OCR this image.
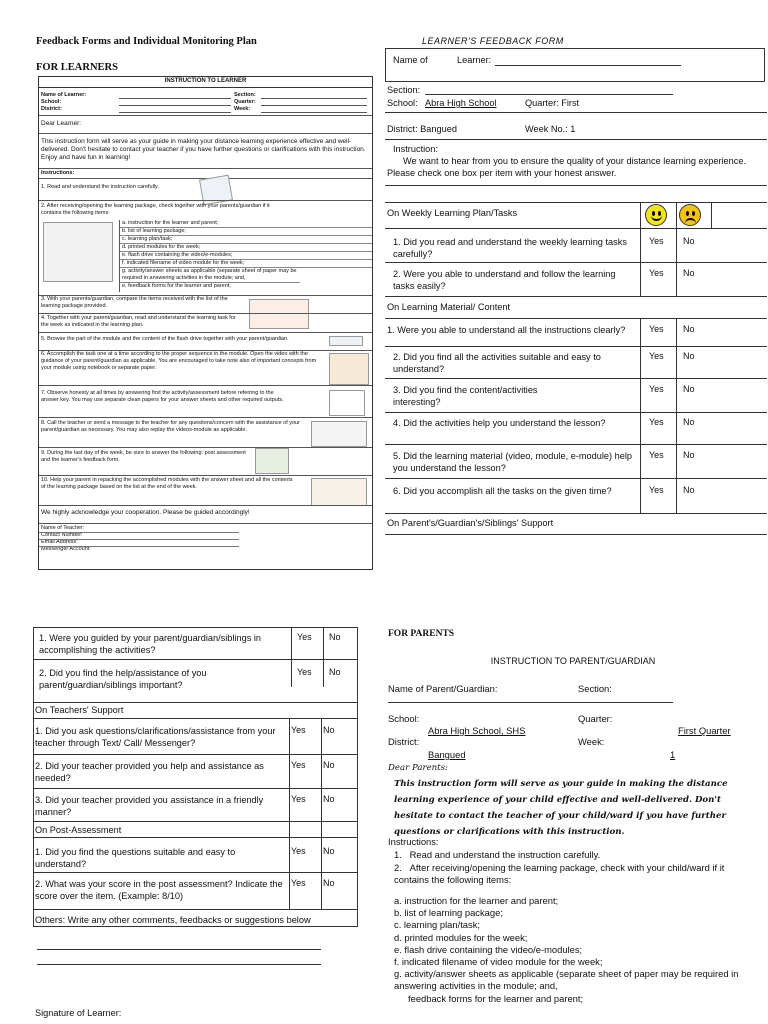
Feedback Forms and Individual Monitoring Plan
FOR LEARNERS
INSTRUCTION TO LEARNER
Name of Learner:
School:
District:
Section:
Quarter:
Week:
Dear Learner:
This instruction form will serve as your guide in making your distance learning experience effective and well-delivered. Don't hesitate to contact your teacher if you have further questions or clarifications with this instruction. Enjoy and have fun in learning!
Instructions:
1. Read and understand the instruction carefully.
2. After receiving/opening the learning package, check together with your parents/guardian if it contains the following items:
a. instruction for the learner and parent;
b. list of learning package;
c. learning plan/task;
d. printed modules for the week;
e. flash drive containing the video/e-modules;
f. indicated filename of video module for the week;
g. activity/answer sheets as applicable (separate sheet of paper may be required in answering activities in the module; and,
e. feedback forms for the learner and parent;
3. With your parents/guardian, compare the items received with the list of the learning package provided.
4. Together with your parent/guardian, read and understand the learning task for the week as indicated in the learning plan.
5. Browse the part of the module and the content of the flash drive together with your parent/guardian.
6. Accomplish the task one at a time according to the proper sequence in the module. Open the video with the guidance of your parent/guardian as applicable. You are encouraged to take note also of important concepts from your module using notebook or separate paper.
7. Observe honesty at all times by answering first the activity/assessment before referring to the answer key. You may use separate clean papers for your answer sheets and other required outputs.
8. Call the teacher or send a message to the teacher for any questions/concern with the assistance of your parent/guardian as necessary. You may also replay the videos-module as applicable.
9. During the last day of the week, be sure to answer the following: post assessment and the learner's feedback form.
10. Help your parent in repacking the accomplished modules with the answer sheet and all the contents of the learning package based on the list at the end of the week.
We highly acknowledge your cooperation. Please be guided accordingly!
Name of Teacher:
Contact Number:
Email Address:
Messenger Account:
LEARNER'S FEEDBACK FORM
Name of	Learner:
Section:
School: Abra High School	Quarter: First
District: Bangued	Week No.: 1
Instruction:
We want to hear from you to ensure the quality of your distance learning experience. Please check one box per item with your honest answer.
On Weekly Learning Plan/Tasks
1. Did you read and understand the weekly learning tasks carefully?
Yes No
2. Were you able to understand and follow the learning tasks easily?
Yes No
On Learning Material/ Content
1. Were you able to understand all the instructions clearly?	Yes No
2. Did you find all the activities suitable and easy to understand?
Yes No
3. Did you find the content/activities interesting?
Yes No
4. Did the activities help you understand the lesson?	Yes No
5. Did the learning material (video, module, e-module) help you understand the lesson?
Yes No
6. Did you accomplish all the tasks on the given time?	Yes No
On Parent's/Guardian's/Siblings' Support
1. Were you guided by your parent/guardian/siblings in accomplishing the activities?
Yes No
2. Did you find the help/assistance of you parent/guardian/siblings important?
Yes No
On Teachers' Support
1. Did you ask questions/clarifications/assistance from your teacher through Text/ Call/ Messenger?
Yes No
2. Did your teacher provided you help and assistance as needed?
Yes No
3. Did your teacher provided you assistance in a friendly manner?
Yes No
On Post-Assessment
1. Did you find the questions suitable and easy to understand?
Yes No
2. What was your score in the post assessment? Indicate the score over the item. (Example: 8/10)
Yes No
Others: Write any other comments, feedbacks or suggestions below
Signature of Learner:
FOR PARENTS
INSTRUCTION TO PARENT/GUARDIAN
Name of Parent/Guardian:	Section:
School:	Quarter:
Abra High School, SHS	First Quarter
District:	Week:
Bangued	1
Dear Parents:
This instruction form will serve as your guide in making the distance learning experience of your child effective and well-delivered. Don't hesitate to contact the teacher of your child/ward if you have further questions or clarifications with this instruction.
Instructions:
1.   Read and understand the instruction carefully.
2.   After receiving/opening the learning package, check with your child/ward if it contains the following items:
a. instruction for the learner and parent;
b. list of learning package;
c. learning plan/task;
d. printed modules for the week;
e. flash drive containing the video/e-modules;
f. indicated filename of video module for the week;
g. activity/answer sheets as applicable (separate sheet of paper may be required in answering activities in the module; and,
feedback forms for the learner and parent;
